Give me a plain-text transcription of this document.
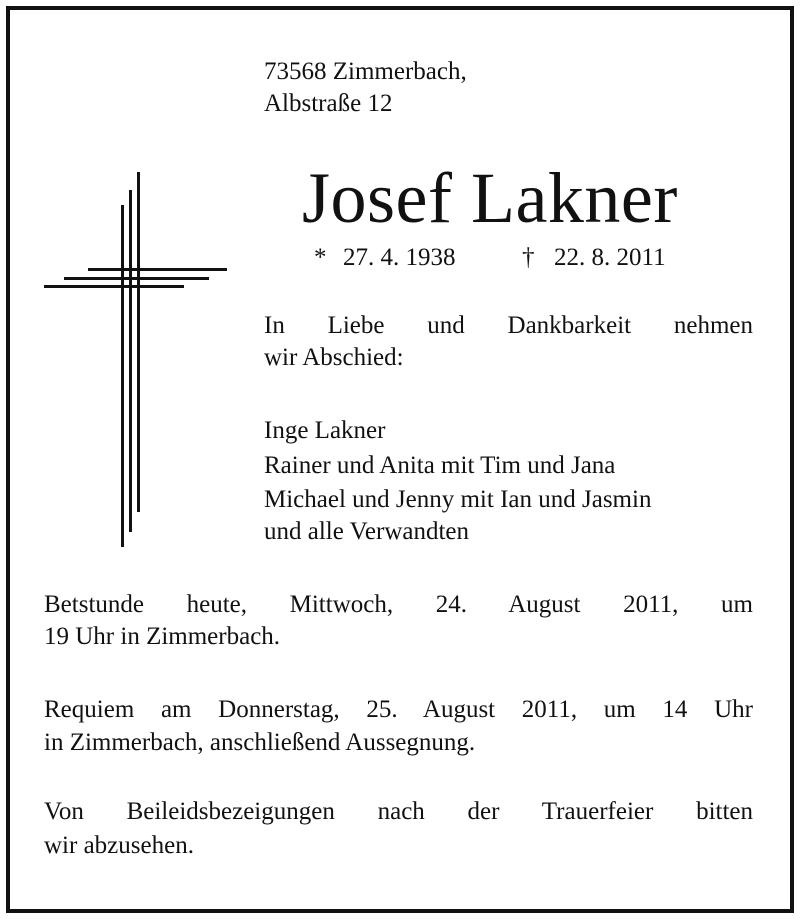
73568 Zimmerbach,
Albstraße 12
Josef Lakner
* 27. 4. 1938	† 22. 8. 2011
In Liebe und Dankbarkeit nehmen
wir Abschied:
Inge Lakner
Rainer und Anita mit Tim und Jana
Michael und Jenny mit Ian und Jasmin
und alle Verwandten
Betstunde heute, Mittwoch, 24. August 2011, um
19 Uhr in Zimmerbach.
Requiem am Donnerstag, 25. August 2011, um 14 Uhr
in Zimmerbach, anschließend Aussegnung.
Von Beileidsbezeigungen nach der Trauerfeier bitten
wir abzusehen.
